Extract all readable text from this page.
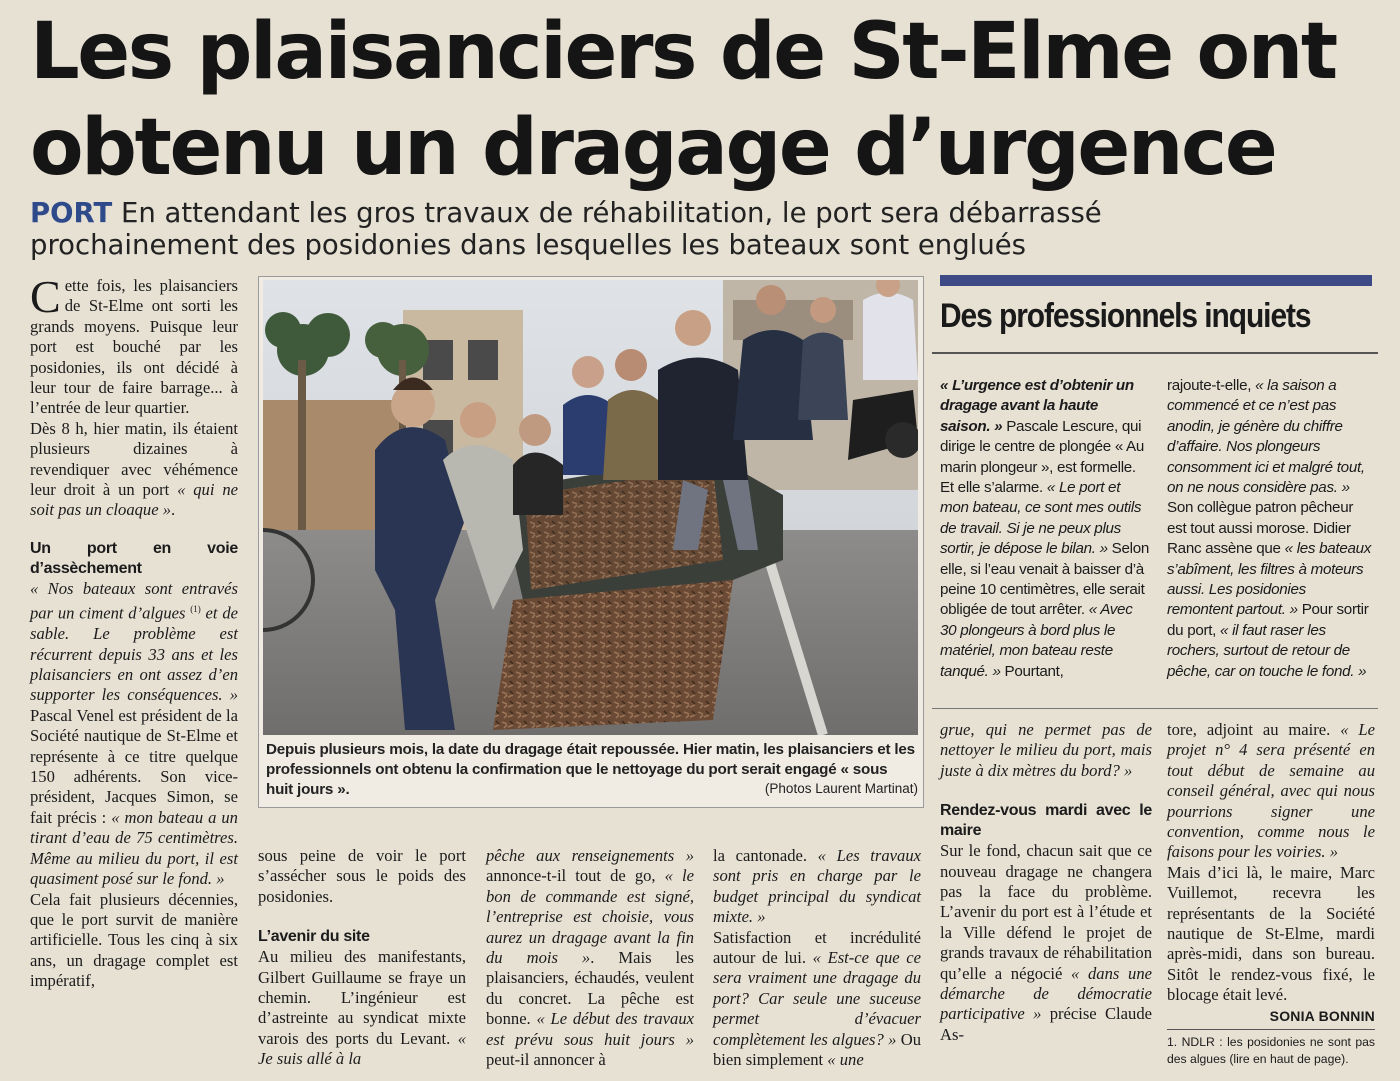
Les plaisanciers de St-Elme ont
obtenu un dragage d’urgence
PORT En attendant les gros travaux de réhabilitation, le port sera débarrassé
prochainement des posidonies dans lesquelles les bateaux sont englués

Cette fois, les plaisanciers de St-Elme ont sorti les grands moyens. Puisque leur port est bouché par les posidonies, ils ont décidé à leur tour de faire barrage... à l’entrée de leur quartier.

Dès 8 h, hier matin, ils étaient plusieurs dizaines à revendiquer avec véhémence leur droit à un port « qui ne soit pas un cloaque ».

Un port en voie d’assèchement

« Nos bateaux sont entravés par un ciment d’algues $^{(1)}$ et de sable. Le problème est récurrent depuis 33 ans et les plaisanciers en ont assez d’en supporter les conséquences. » Pascal Venel est président de la Société nautique de St-Elme et représente à ce titre quelque 150 adhérents. Son vice-président, Jacques Simon, se fait précis : « mon bateau a un tirant d’eau de 75 centimètres. Même au milieu du port, il est quasiment posé sur le fond. »

Cela fait plusieurs décennies, que le port survit de manière artificielle. Tous les cinq à six ans, un dragage complet est impératif,

Depuis plusieurs mois, la date du dragage était repoussée. Hier matin, les plaisanciers et les professionnels ont obtenu la confirmation que le nettoyage du port serait engagé « sous huit jours ».	(Photos Laurent Martinat)
Des professionnels inquiets

« L’urgence est d’obtenir un dragage avant la haute saison. » Pascale Lescure, qui dirige le centre de plongée « Au marin plongeur », est formelle. Et elle s’alarme. « Le port et mon bateau, ce sont mes outils de travail. Si je ne peux plus sortir, je dépose le bilan. » Selon elle, si l’eau venait à baisser d’à peine 10 centimètres, elle serait obligée de tout arrêter. « Avec 30 plongeurs à bord plus le matériel, mon bateau reste tanqué. » Pourtant,

rajoute-t-elle, « la saison a commencé et ce n’est pas anodin, je génère du chiffre d’affaire. Nos plongeurs consomment ici et malgré tout, on ne nous considère pas. » Son collègue patron pêcheur est tout aussi morose. Didier Ranc assène que « les bateaux s’abîment, les filtres à moteurs aussi. Les posidonies remontent partout. » Pour sortir du port, « il faut raser les rochers, surtout de retour de pêche, car on touche le fond. »

sous peine de voir le port s’assécher sous le poids des posidonies.

L’avenir du site

Au milieu des manifestants, Gilbert Guillaume se fraye un chemin. L’ingénieur est d’astreinte au syndicat mixte varois des ports du Levant. « Je suis allé à la

pêche aux renseignements » annonce-t-il tout de go, « le bon de commande est signé, l’entreprise est choisie, vous aurez un dragage avant la fin du mois ». Mais les plaisanciers, échaudés, veulent du concret. La pêche est bonne. « Le début des travaux est prévu sous huit jours » peut-il annoncer à

la cantonade. « Les travaux sont pris en charge par le budget principal du syndicat mixte. »

Satisfaction et incrédulité autour de lui. « Est-ce que ce sera vraiment une dragage du port? Car seule une suceuse permet d’évacuer complètement les algues? » Ou bien simplement « une

grue, qui ne permet pas de nettoyer le milieu du port, mais juste à dix mètres du bord? »

Rendez-vous mardi avec le maire

Sur le fond, chacun sait que ce nouveau dragage ne changera pas la face du problème. L’avenir du port est à l’étude et la Ville défend le projet de grands travaux de réhabilitation qu’elle a négocié « dans une démarche de démocratie participative » précise Claude As-

tore, adjoint au maire. « Le projet n° 4 sera présenté en tout début de semaine au conseil général, avec qui nous pourrions signer une convention, comme nous le faisons pour les voiries. »

Mais d’ici là, le maire, Marc Vuillemot, recevra les représentants de la Société nautique de St-Elme, mardi après-midi, dans son bureau. Sitôt le rendez-vous fixé, le blocage était levé.

SONIA BONNIN
1. NDLR : les posidonies ne sont pas des algues (lire en haut de page).
